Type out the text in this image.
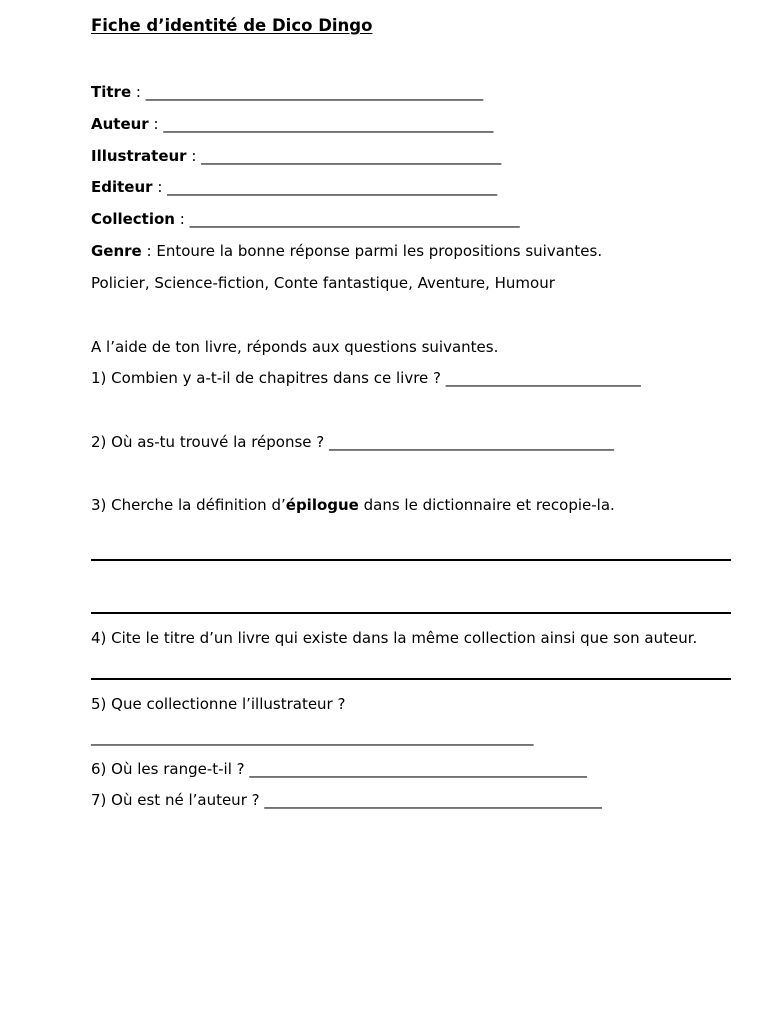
Fiche d’identité de Dico Dingo
Titre : _____________________________________________
Auteur : ____________________________________________
Illustrateur : ________________________________________
Editeur : ____________________________________________
Collection : ____________________________________________
Genre : Entoure la bonne réponse parmi les propositions suivantes.
Policier, Science-fiction, Conte fantastique, Aventure, Humour
A l’aide de ton livre, réponds aux questions suivantes.
1) Combien y a-t-il de chapitres dans ce livre ? __________________________
2) Où as-tu trouvé la réponse ? ______________________________________
3) Cherche la définition d’épilogue dans le dictionnaire et recopie-la.
4) Cite le titre d’un livre qui existe dans la même collection ainsi que son auteur.
5) Que collectionne l’illustrateur ?
___________________________________________________________
6) Où les range-t-il ? _____________________________________________
7) Où est né l’auteur ? _____________________________________________
